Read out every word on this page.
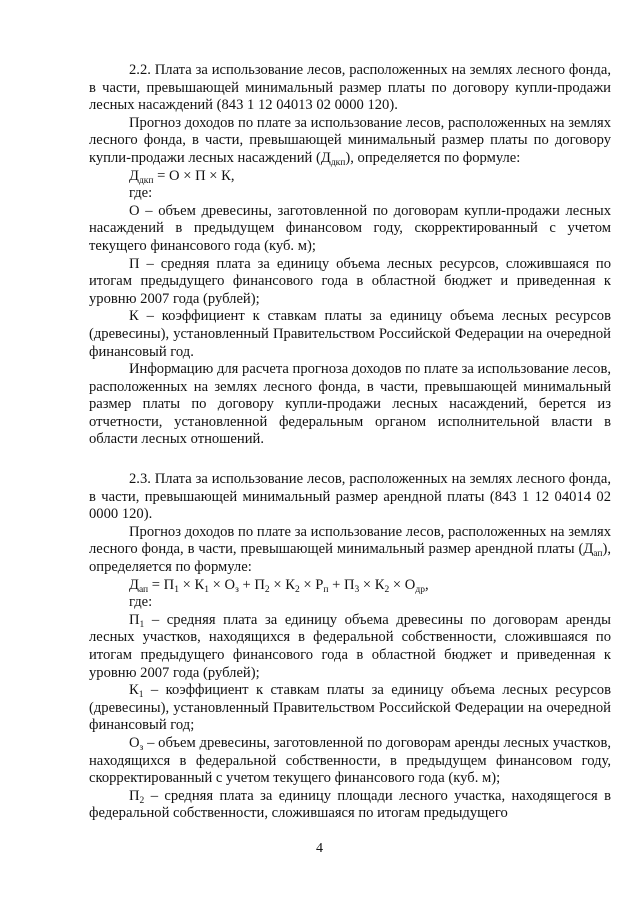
2.2. Плата за использование лесов, расположенных на землях лесного фонда, в части, превышающей минимальный размер платы по договору купли-продажи лесных насаждений (843 1 12 04013 02 0000 120).

Прогноз доходов по плате за использование лесов, расположенных на землях лесного фонда, в части, превышающей минимальный размер платы по договору купли-продажи лесных насаждений $(Д_{дкп})$, определяется по формуле:

$Д_{дкп} = О \times П \times К$,

где:

О – объем древесины, заготовленной по договорам купли-продажи лесных насаждений в предыдущем финансовом году, скорректированный с учетом текущего финансового года (куб. м);

П – средняя плата за единицу объема лесных ресурсов, сложившаяся по итогам предыдущего финансового года в областной бюджет и приведенная к уровню 2007 года (рублей);

К – коэффициент к ставкам платы за единицу объема лесных ресурсов (древесины), установленный Правительством Российской Федерации на очередной финансовый год.

Информацию для расчета прогноза доходов по плате за использование лесов, расположенных на землях лесного фонда, в части, превышающей минимальный размер платы по договору купли-продажи лесных насаждений, берется из отчетности, установленной федеральным органом исполнительной власти в области лесных отношений.

2.3. Плата за использование лесов, расположенных на землях лесного фонда, в части, превышающей минимальный размер арендной платы (843 1 12 04014 02 0000 120).

Прогноз доходов по плате за использование лесов, расположенных на землях лесного фонда, в части, превышающей минимальный размер арендной платы $(Д_{ап})$, определяется по формуле:

$Д_{ап} = П_1 \times К_1 \times О_з + П_2 \times К_2 \times Р_п + П_3 \times К_2 \times О_{др}$,

где:

$П_1$ – средняя плата за единицу объема древесины по договорам аренды лесных участков, находящихся в федеральной собственности, сложившаяся по итогам предыдущего финансового года в областной бюджет и приведенная к уровню 2007 года (рублей);

$К_1$ – коэффициент к ставкам платы за единицу объема лесных ресурсов (древесины), установленный Правительством Российской Федерации на очередной финансовый год;

$О_з$ – объем древесины, заготовленной по договорам аренды лесных участков, находящихся в федеральной собственности, в предыдущем финансовом году, скорректированный с учетом текущего финансового года (куб. м);

$П_2$ – средняя плата за единицу площади лесного участка, находящегося в федеральной собственности, сложившаяся по итогам предыдущего

4
